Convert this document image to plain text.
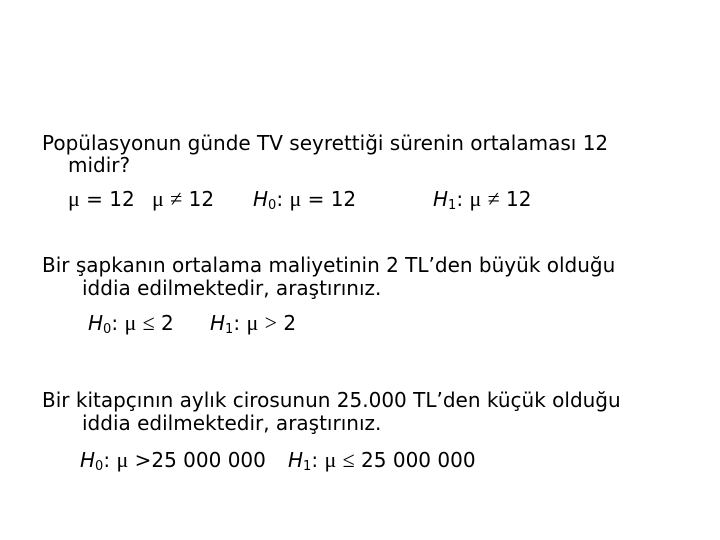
Popülasyonun günde TV seyrettiği sürenin ortalaması 12
midir?
μ = 12 μ ≠ 12 $H_0$: μ = 12	$H_1$: μ ≠ 12
Bir şapkanın ortalama maliyetinin 2 TL’den büyük olduğu
iddia edilmektedir, araştırınız.
$H_0$: μ ≤ 2 $H_1$: μ > 2
Bir kitapçının aylık cirosunun 25.000 TL’den küçük olduğu
iddia edilmektedir, araştırınız.
$H_0$: μ >25 000 000 $H_1$: μ ≤ 25 000 000
